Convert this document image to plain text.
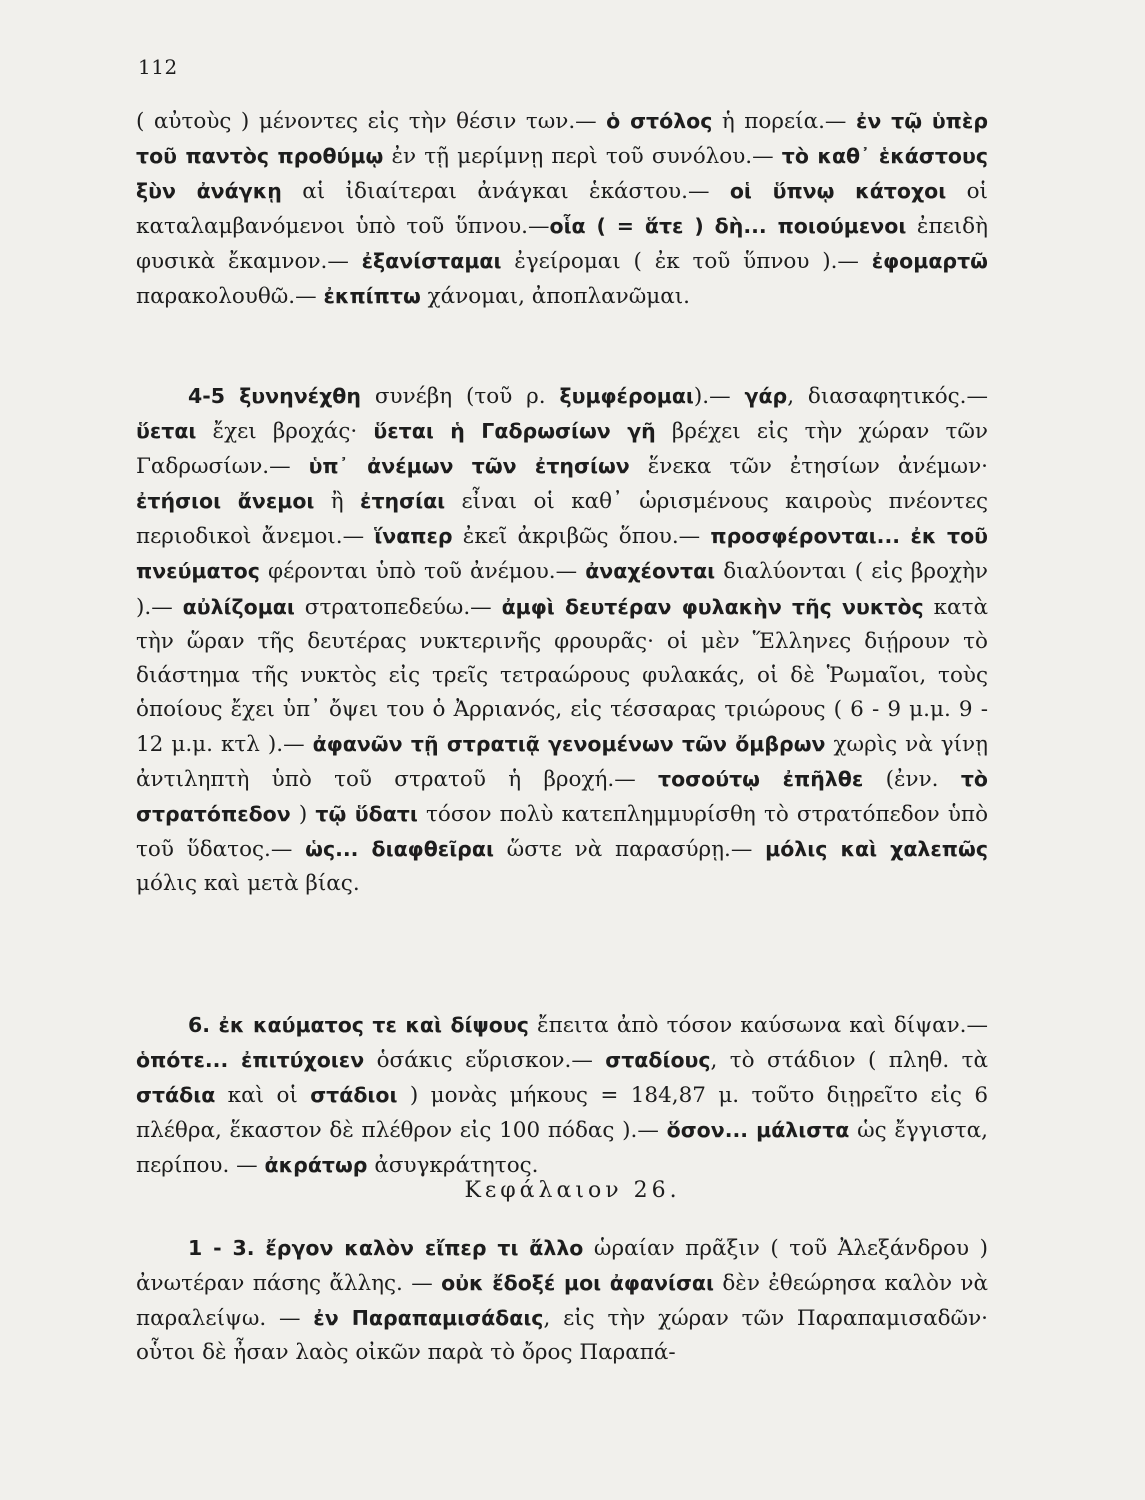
112
( αὐτοὺς ) μένοντες εἰς τὴν θέσιν των.— ὁ στόλος ἡ πορεία.— ἐν τῷ ὑπὲρ τοῦ παντὸς προθύμῳ ἐν τῇ μερίμνῃ περὶ τοῦ συνόλου.— τὸ καθ᾽ ἑκάστους ξὺν ἀνάγκῃ αἱ ἰδιαίτεραι ἀνάγκαι ἑκάστου.— οἱ ὕπνῳ κάτοχοι οἱ καταλαμβανόμενοι ὑπὸ τοῦ ὕπνου.—οἷα ( = ἅτε ) δὴ... ποιούμενοι ἐπειδὴ φυσικὰ ἔκαμνον.— ἐξανίσταμαι ἐγείρομαι ( ἐκ τοῦ ὕπνου ).— ἐφομαρτῶ παρακολουθῶ.— ἐκπίπτω χάνομαι, ἀποπλανῶμαι.
4-5 ξυνηνέχθη συνέβη (τοῦ ρ. ξυμφέρομαι).— γάρ, διασαφητικός.— ὕεται ἔχει βροχάς· ὕεται ἡ Γαδρωσίων γῆ βρέχει εἰς τὴν χώραν τῶν Γαδρωσίων.— ὑπ᾽ ἀνέμων τῶν ἐτησίων ἕνεκα τῶν ἐτησίων ἀνέμων· ἐτήσιοι ἄνεμοι ἢ ἐτησίαι εἶναι οἱ καθ᾽ ὡρισμένους καιροὺς πνέοντες περιοδικοὶ ἄνεμοι.— ἵναπερ ἐκεῖ ἀκριβῶς ὅπου.— προσφέρονται... ἐκ τοῦ πνεύματος φέρονται ὑπὸ τοῦ ἀνέμου.— ἀναχέονται διαλύονται ( εἰς βροχὴν ).— αὐλίζομαι στρατοπεδεύω.— ἀμφὶ δευτέραν φυλακὴν τῆς νυκτὸς κατὰ τὴν ὥραν τῆς δευτέρας νυκτερινῆς φρουρᾶς· οἱ μὲν Ἕλληνες διῄρουν τὸ διάστημα τῆς νυκτὸς εἰς τρεῖς τετραώρους φυλακάς, οἱ δὲ Ῥωμαῖοι, τοὺς ὁποίους ἔχει ὑπ᾽ ὄψει του ὁ Ἀρριανός, εἰς τέσσαρας τριώρους ( 6 - 9 μ.μ. 9 - 12 μ.μ. κτλ ).— ἀφανῶν τῇ στρατιᾷ γενομένων τῶν ὄμβρων χωρὶς νὰ γίνῃ ἀντιληπτὴ ὑπὸ τοῦ στρατοῦ ἡ βροχή.— τοσούτῳ ἐπῆλθε (ἐνν. τὸ στρατόπεδον ) τῷ ὕδατι τόσον πολὺ κατεπλημμυρίσθη τὸ στρατόπεδον ὑπὸ τοῦ ὕδατος.— ὡς... διαφθεῖραι ὥστε νὰ παρασύρῃ.— μόλις καὶ χαλεπῶς μόλις καὶ μετὰ βίας.
6. ἐκ καύματος τε καὶ δίψους ἔπειτα ἀπὸ τόσον καύσωνα καὶ δίψαν.— ὁπότε... ἐπιτύχοιεν ὁσάκις εὕρισκον.— σταδίους, τὸ στάδιον ( πληθ. τὰ στάδια καὶ οἱ στάδιοι ) μονὰς μήκους = 184,87 μ. τοῦτο διῃρεῖτο εἰς 6 πλέθρα, ἕκαστον δὲ πλέθρον εἰς 100 πόδας ).— ὅσον... μάλιστα ὡς ἔγγιστα, περίπου. — ἀκράτωρ ἀσυγκράτητος.
Κεφάλαιον 26.
1 - 3. ἔργον καλὸν εἴπερ τι ἄλλο ὡραίαν πρᾶξιν ( τοῦ Ἀλεξάνδρου ) ἀνωτέραν πάσης ἄλλης. — οὐκ ἔδοξέ μοι ἀφανίσαι δὲν ἐθεώρησα καλὸν νὰ παραλείψω. — ἐν Παραπαμισάδαις, εἰς τὴν χώραν τῶν Παραπαμισαδῶν· οὗτοι δὲ ἦσαν λαὸς οἰκῶν παρὰ τὸ ὄρος Παραπά-
